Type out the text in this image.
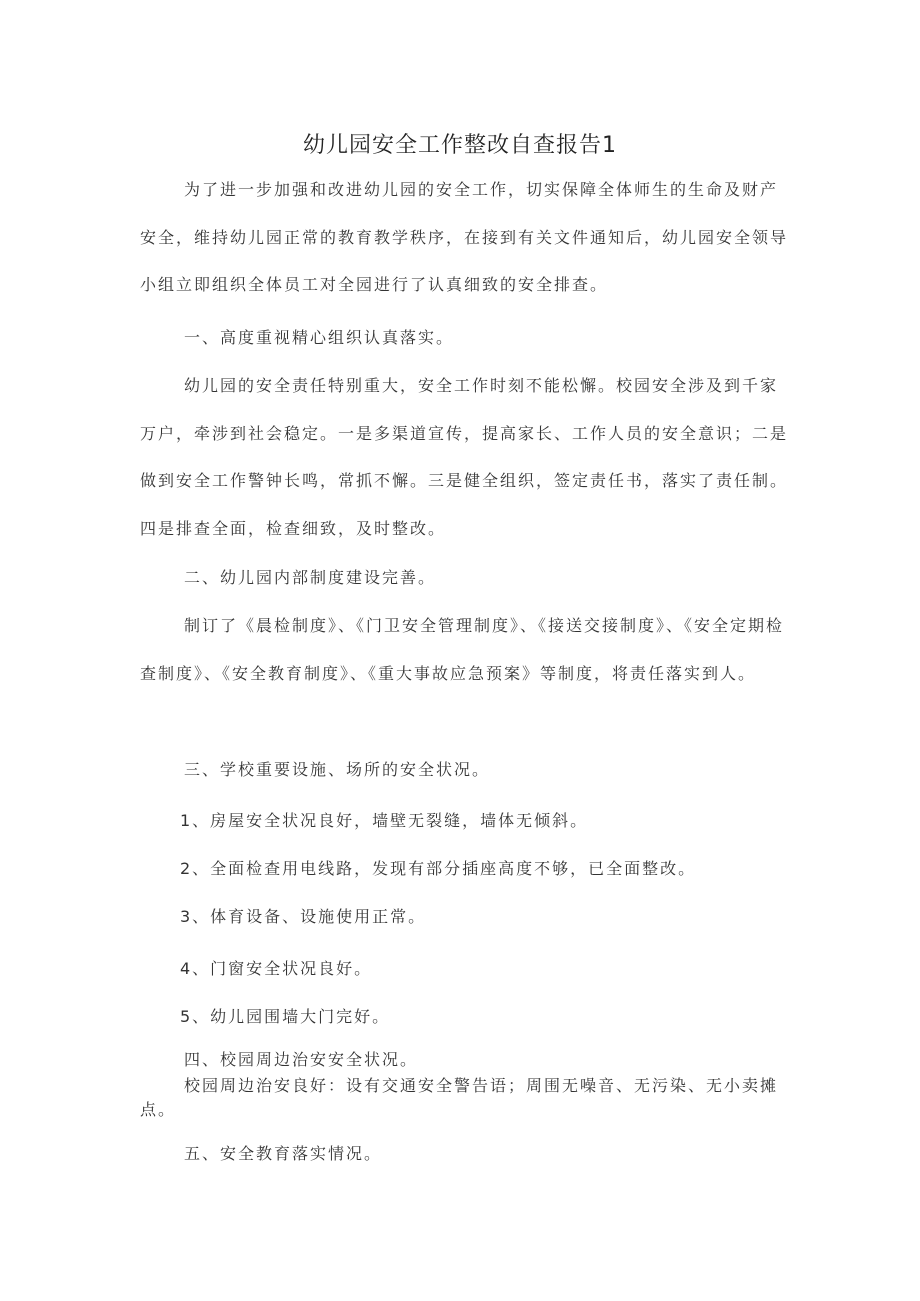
幼儿园安全工作整改自查报告1
为了进一步加强和改进幼儿园的安全工作，切实保障全体师生的生命及财产安全，维持幼儿园正常的教育教学秩序，在接到有关文件通知后，幼儿园安全领导小组立即组织全体员工对全园进行了认真细致的安全排查。
一、高度重视精心组织认真落实。
幼儿园的安全责任特别重大，安全工作时刻不能松懈。校园安全涉及到千家万户，牵涉到社会稳定。一是多渠道宣传，提高家长、工作人员的安全意识；二是做到安全工作警钟长鸣，常抓不懈。三是健全组织，签定责任书，落实了责任制。四是排查全面，检查细致，及时整改。
二、幼儿园内部制度建设完善。
制订了《晨检制度》、《门卫安全管理制度》、《接送交接制度》、《安全定期检查制度》、《安全教育制度》、《重大事故应急预案》等制度，将责任落实到人。
三、学校重要设施、场所的安全状况。
1、房屋安全状况良好，墙壁无裂缝，墙体无倾斜。
2、全面检查用电线路，发现有部分插座高度不够，已全面整改。
3、体育设备、设施使用正常。
4、门窗安全状况良好。
5、幼儿园围墙大门完好。
四、校园周边治安安全状况。
校园周边治安良好：设有交通安全警告语；周围无噪音、无污染、无小卖摊点。
五、安全教育落实情况。
